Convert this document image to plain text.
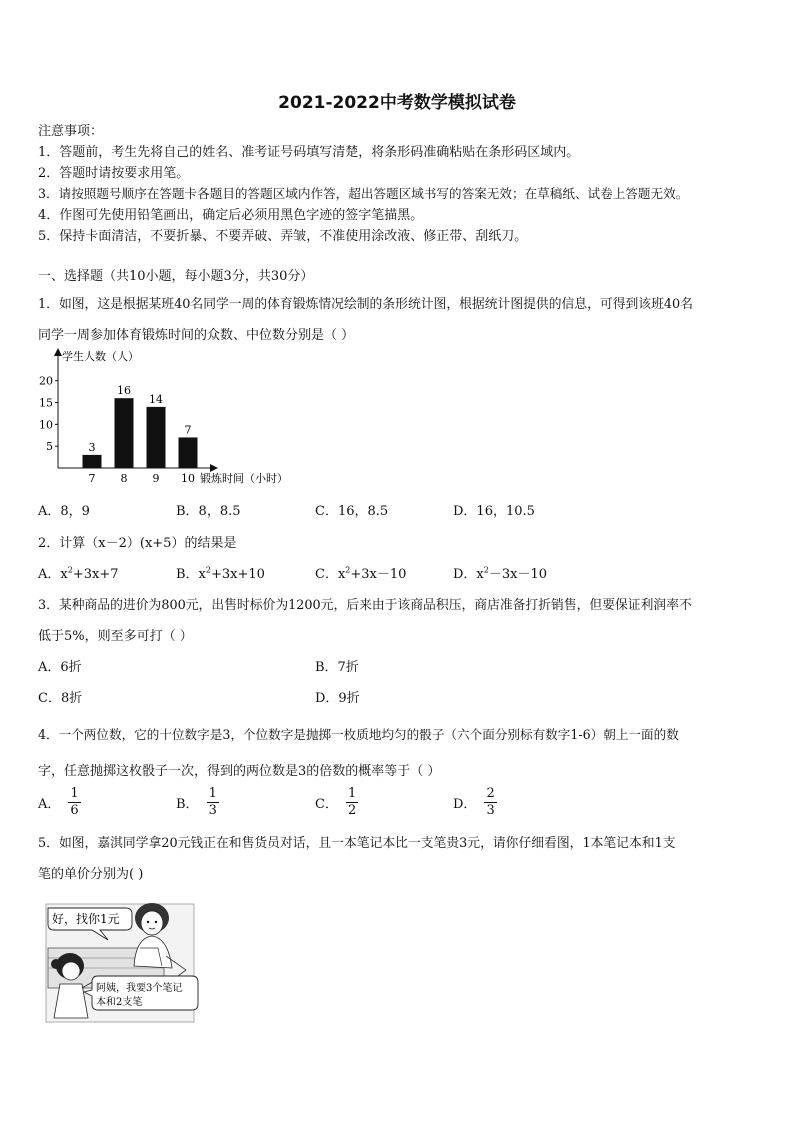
2021-2022中考数学模拟试卷
注意事项：
1．答题前，考生先将自己的姓名、准考证号码填写清楚，将条形码准确粘贴在条形码区域内。
2．答题时请按要求用笔。
3．请按照题号顺序在答题卡各题目的答题区域内作答，超出答题区域书写的答案无效；在草稿纸、试卷上答题无效。
4．作图可先使用铅笔画出，确定后必须用黑色字迹的签字笔描黑。
5．保持卡面清洁，不要折暴、不要弄破、弄皱，不准使用涂改液、修正带、刮纸刀。
一、选择题（共10小题，每小题3分，共30分）
1．如图，这是根据某班40名同学一周的体育锻炼情况绘制的条形统计图，根据统计图提供的信息，可得到该班40名
同学一周参加体育锻炼时间的众数、中位数分别是（ ）
5
10
15
20
3
7
16
8
14
9
7
10
学生人数（人）
锻炼时间（小时）
A．8，9	B．8，8.5	C．16，8.5	D．16，10.5
2．计算（x－2）(x+5）的结果是
A．$x^2+3x+7$	B．$x^2+3x+10$	C．$x^2+3x-10$	D．$x^2-3x-10$
3．某种商品的进价为800元，出售时标价为1200元，后来由于该商品积压，商店准备打折销售，但要保证利润率不
低于5%，则至多可打（ ）
A．6折	B．7折
C．8折	D．9折
4．一个两位数，它的十位数字是3，个位数字是抛掷一枚质地均匀的骰子（六个面分别标有数字1-6）朝上一面的数
字，任意抛掷这枚骰子一次，得到的两位数是3的倍数的概率等于（ ）
A． $\frac{1}{6}$	B． $\frac{1}{3}$	C． $\frac{1}{2}$	D． $\frac{2}{3}$
5．如图，嘉淇同学拿20元钱正在和售货员对话，且一本笔记本比一支笔贵3元，请你仔细看图，1本笔记本和1支
笔的单价分别为( )
好，找你1元
阿姨，我要3个笔记
本和2支笔
